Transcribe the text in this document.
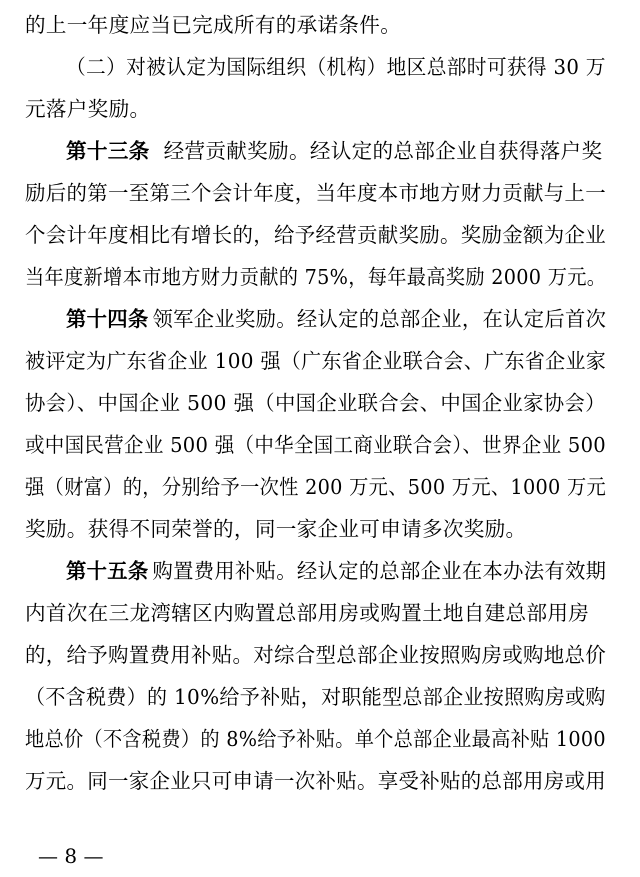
的上一年度应当已完成所有的承诺条件。
（二）对被认定为国际组织（机构）地区总部时可获得 30 万
元落户奖励。
第十三条 经营贡献奖励。经认定的总部企业自获得落户奖
励后的第一至第三个会计年度，当年度本市地方财力贡献与上一
个会计年度相比有增长的，给予经营贡献奖励。奖励金额为企业
当年度新增本市地方财力贡献的 75%，每年最高奖励 2000 万元。
第十四条 领军企业奖励。经认定的总部企业，在认定后首次
被评定为广东省企业 100 强（广东省企业联合会、广东省企业家
协会）、中国企业 500 强（中国企业联合会、中国企业家协会）
或中国民营企业 500 强（中华全国工商业联合会）、世界企业 500
强（财富）的，分别给予一次性 200 万元、500 万元、1000 万元
奖励。获得不同荣誉的，同一家企业可申请多次奖励。
第十五条 购置费用补贴。经认定的总部企业在本办法有效期
内首次在三龙湾辖区内购置总部用房或购置土地自建总部用房
的，给予购置费用补贴。对综合型总部企业按照购房或购地总价
（不含税费）的 10%给予补贴，对职能型总部企业按照购房或购
地总价（不含税费）的 8%给予补贴。单个总部企业最高补贴 1000
万元。同一家企业只可申请一次补贴。享受补贴的总部用房或用
— 8 —
